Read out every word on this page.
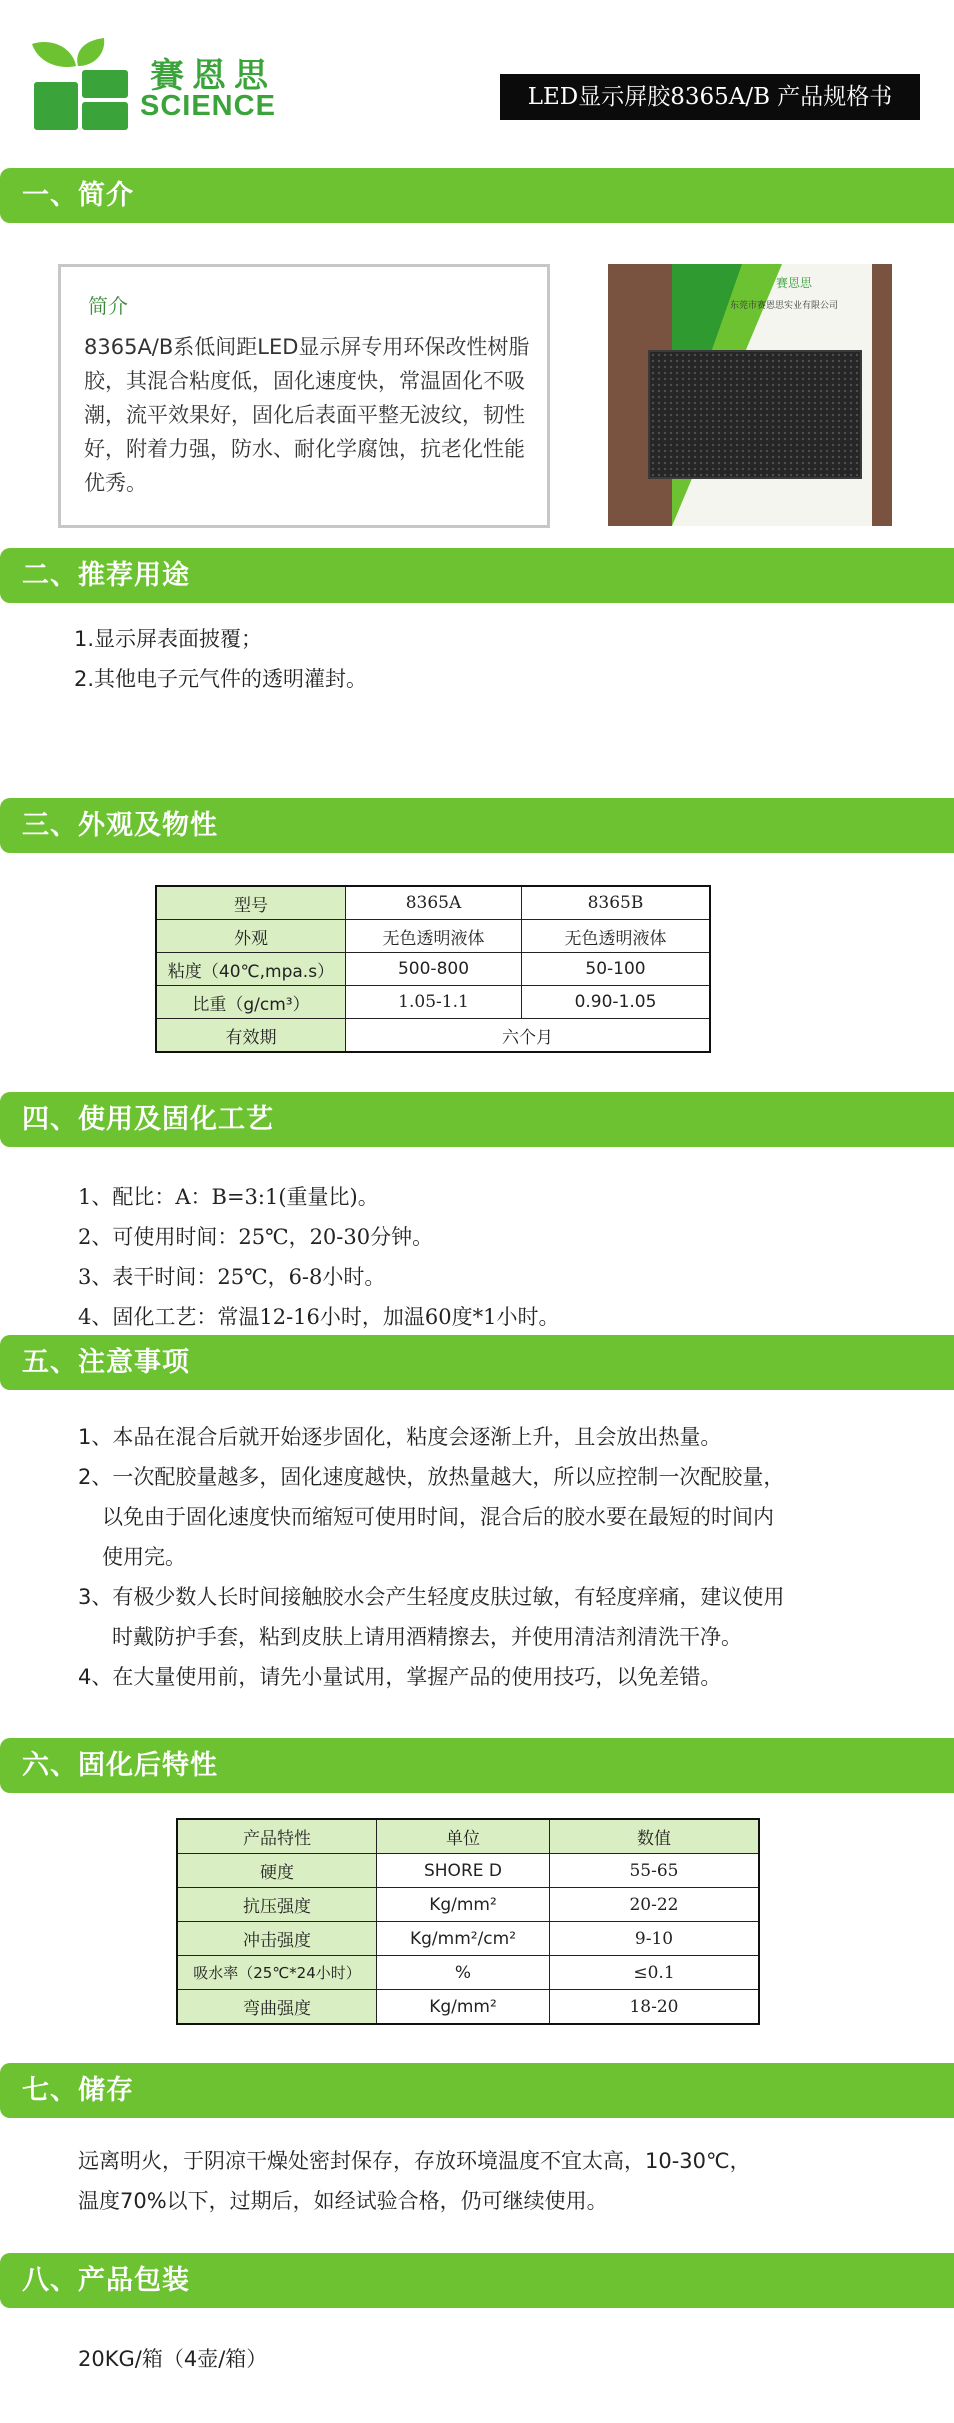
賽恩思
SCIENCE	LED显示屏胶8365A/B 产品规格书
一、简介
简介
8365A/B系低间距LED显示屏专用环保改性树脂胶，其混合粘度低，固化速度快，常温固化不吸潮，流平效果好，固化后表面平整无波纹，韧性好，附着力强，防水、耐化学腐蚀，抗老化性能优秀。
賽恩思
东莞市赛恩思实业有限公司
二、推荐用途
1.显示屏表面披覆；
2.其他电子元气件的透明灌封。
三、外观及物性
型号	8365A	8365B
外观	无色透明液体	无色透明液体
粘度（40℃,mpa.s）	500-800	50-100
比重（g/cm³）	1.05-1.1	0.90-1.05
有效期	六个月	
四、使用及固化工艺
1、配比：A：B=3:1(重量比)。
2、可使用时间：25℃，20-30分钟。
3、表干时间：25℃，6-8小时。
4、固化工艺：常温12-16小时，加温60度*1小时。
五、注意事项
1、本品在混合后就开始逐步固化，粘度会逐渐上升，且会放出热量。
2、一次配胶量越多，固化速度越快，放热量越大，所以应控制一次配胶量，
以免由于固化速度快而缩短可使用时间，混合后的胶水要在最短的时间内
使用完。
3、有极少数人长时间接触胶水会产生轻度皮肤过敏，有轻度痒痛，建议使用
时戴防护手套，粘到皮肤上请用酒精擦去，并使用清洁剂清洗干净。
4、在大量使用前，请先小量试用，掌握产品的使用技巧，以免差错。
六、固化后特性
产品特性	单位	数值
硬度	SHORE D	55-65
抗压强度	Kg/mm²	20-22
冲击强度	Kg/mm²/cm²	9-10
吸水率（25℃*24小时）	%	≤0.1
弯曲强度	Kg/mm²	18-20
七、储存
远离明火，于阴凉干燥处密封保存，存放环境温度不宜太高，10-30℃，
温度70%以下，过期后，如经试验合格，仍可继续使用。
八、产品包装
20KG/箱（4壶/箱）
